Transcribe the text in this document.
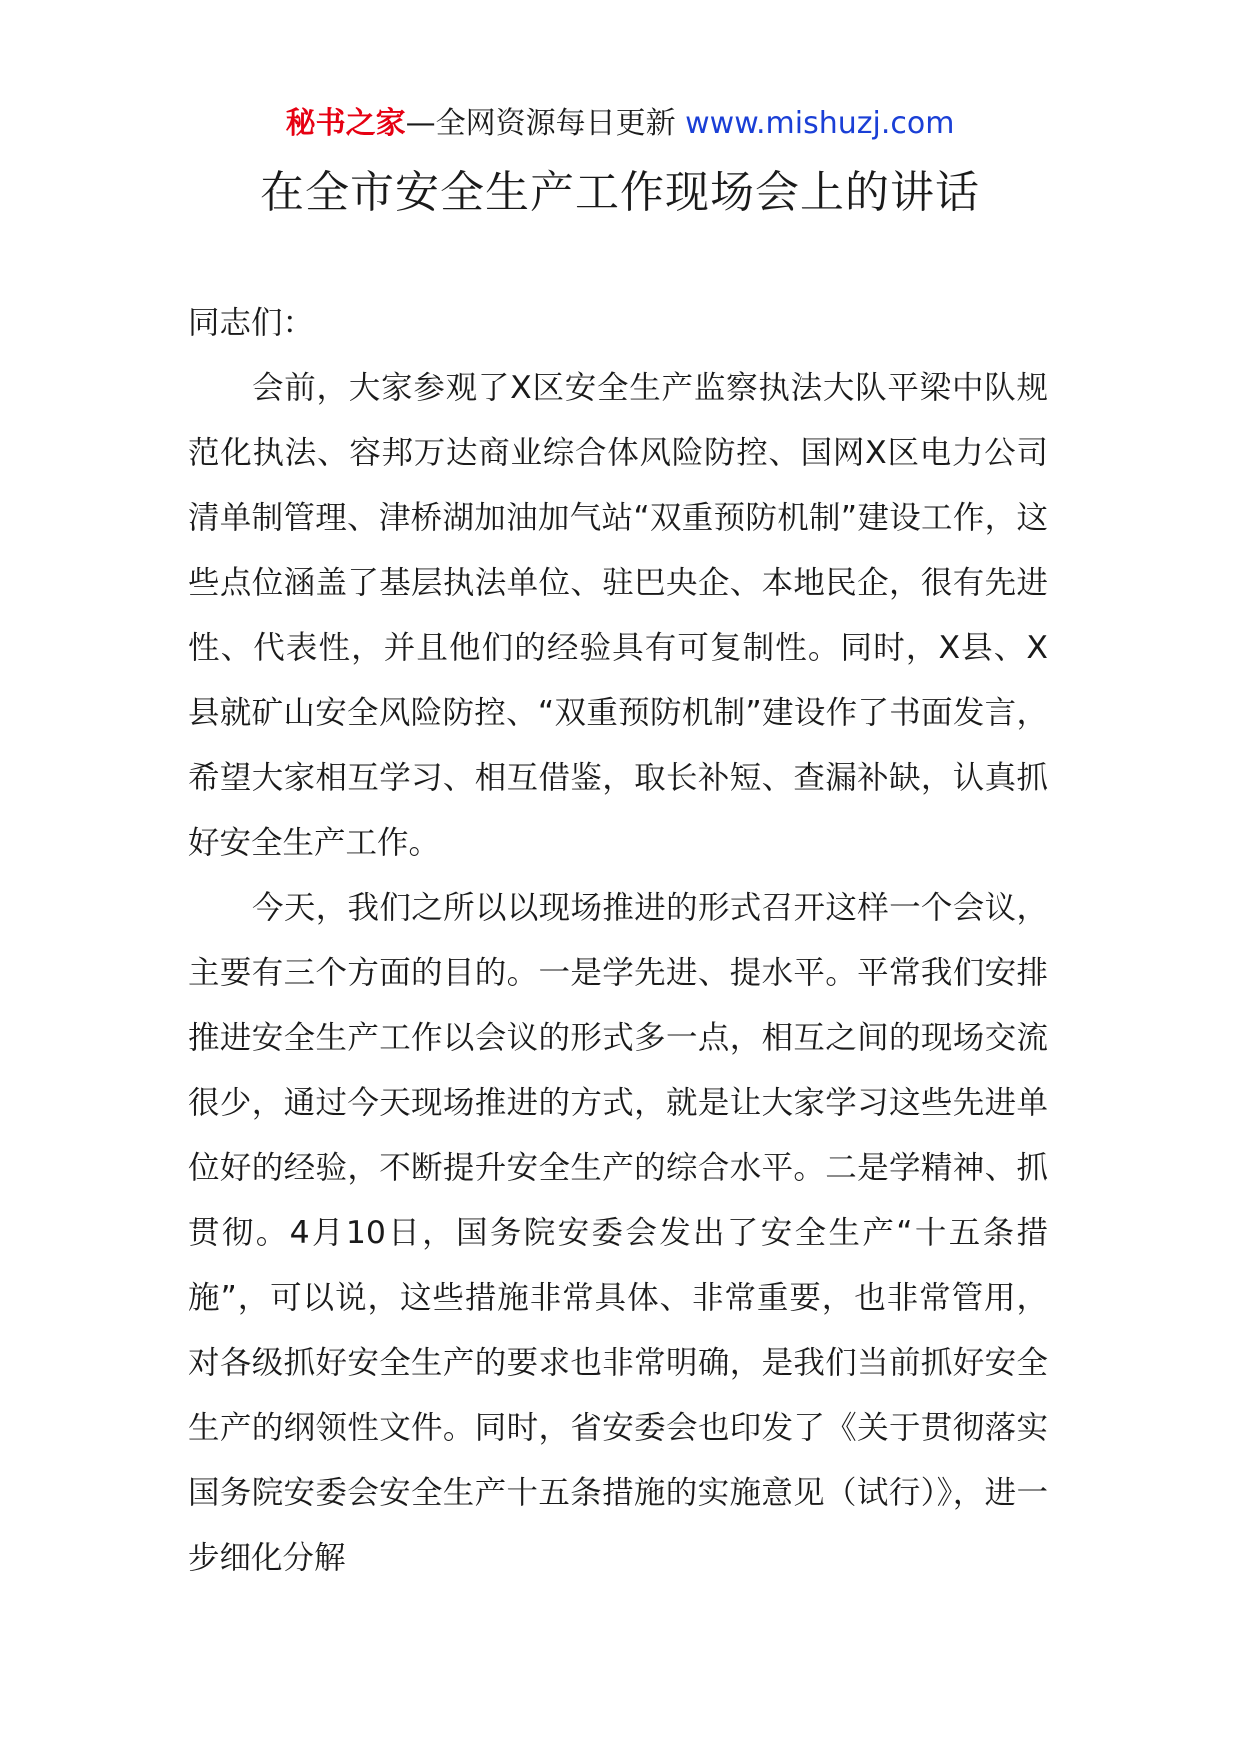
秘书之家—全网资源每日更新 www.mishuzj.com
在全市安全生产工作现场会上的讲话

同志们：

会前，大家参观了X区安全生产监察执法大队平梁中队规范化执法、容邦万达商业综合体风险防控、国网X区电力公司清单制管理、津桥湖加油加气站“双重预防机制”建设工作，这些点位涵盖了基层执法单位、驻巴央企、本地民企，很有先进性、代表性，并且他们的经验具有可复制性。同时，X县、X县就矿山安全风险防控、“双重预防机制”建设作了书面发言，希望大家相互学习、相互借鉴，取长补短、查漏补缺，认真抓好安全生产工作。

今天，我们之所以以现场推进的形式召开这样一个会议，主要有三个方面的目的。一是学先进、提水平。平常我们安排推进安全生产工作以会议的形式多一点，相互之间的现场交流很少，通过今天现场推进的方式，就是让大家学习这些先进单位好的经验，不断提升安全生产的综合水平。二是学精神、抓贯彻。4月10日，国务院安委会发出了安全生产“十五条措施”，可以说，这些措施非常具体、非常重要，也非常管用，对各级抓好安全生产的要求也非常明确，是我们当前抓好安全生产的纲领性文件。同时，省安委会也印发了《关于贯彻落实国务院安委会安全生产十五条措施的实施意见（试行）》，进一步细化分解
